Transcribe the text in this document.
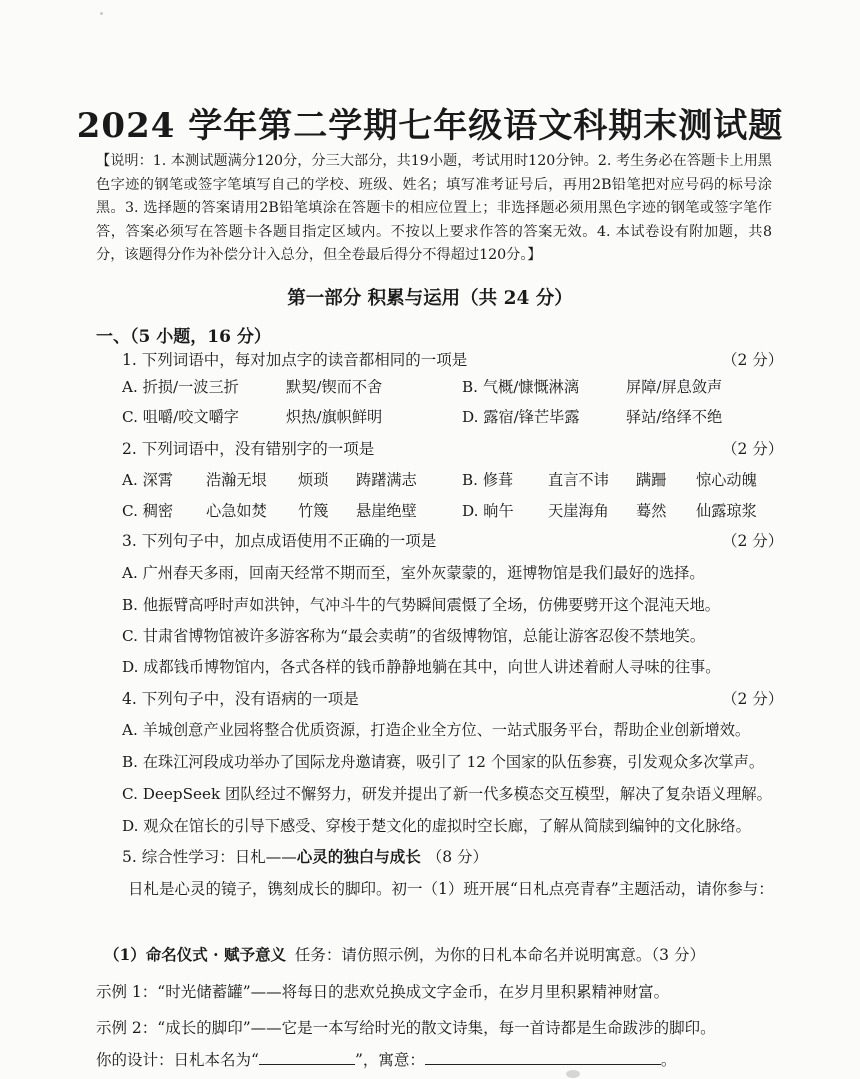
2024 学年第二学期七年级语文科期末测试题
【说明：1. 本测试题满分120分，分三大部分，共19小题，考试用时120分钟。2. 考生务必在答题卡上用黑色字迹的钢笔或签字笔填写自己的学校、班级、姓名；填写准考证号后，再用2B铅笔把对应号码的标号涂黑。3. 选择题的答案请用2B铅笔填涂在答题卡的相应位置上；非选择题必须用黑色字迹的钢笔或签字笔作答，答案必须写在答题卡各题目指定区域内。不按以上要求作答的答案无效。4. 本试卷设有附加题，共8分，该题得分作为补偿分计入总分，但全卷最后得分不得超过120分。】
第一部分 积累与运用（共 24 分）
一、（5 小题，16 分）
1. 下列词语中，每对加点字的读音都相同的一项是	（2 分）
A. 折损/一波三折	默契/锲而不舍	B. 气概/慷慨淋漓	屏障/屏息敛声
C. 咀嚼/咬文嚼字	炽热/旗帜鲜明	D. 露宿/锋芒毕露	驿站/络绎不绝
2. 下列词语中，没有错别字的一项是	（2 分）
A. 深霄 浩瀚无垠 烦琐 踌躇满志	B. 修葺 直言不讳 蹒跚 惊心动魄
C. 稠密 心急如焚 竹篾 悬崖绝壁	D. 晌午 天崖海角 蓦然 仙露琼浆
3. 下列句子中，加点成语使用不正确的一项是	（2 分）
A. 广州春天多雨，回南天经常不期而至，室外灰蒙蒙的，逛博物馆是我们最好的选择。
B. 他振臂高呼时声如洪钟，气冲斗牛的气势瞬间震慑了全场，仿佛要劈开这个混沌天地。
C. 甘肃省博物馆被许多游客称为“最会卖萌”的省级博物馆，总能让游客忍俊不禁地笑。
D. 成都钱币博物馆内，各式各样的钱币静静地躺在其中，向世人讲述着耐人寻味的往事。
4. 下列句子中，没有语病的一项是	（2 分）
A. 羊城创意产业园将整合优质资源，打造企业全方位、一站式服务平台，帮助企业创新增效。
B. 在珠江河段成功举办了国际龙舟邀请赛，吸引了 12 个国家的队伍参赛，引发观众多次掌声。
C. DeepSeek 团队经过不懈努力，研发并提出了新一代多模态交互模型，解决了复杂语义理解。
D. 观众在馆长的引导下感受、穿梭于楚文化的虚拟时空长廊，了解从简牍到编钟的文化脉络。
5. 综合性学习：日札——心灵的独白与成长 （8 分）
日札是心灵的镜子，镌刻成长的脚印。初一（1）班开展“日札点亮青春”主题活动，请你参与：
（1）命名仪式 · 赋予意义 任务：请仿照示例，为你的日札本命名并说明寓意。（3 分）
示例 1：“时光储蓄罐”——将每日的悲欢兑换成文字金币，在岁月里积累精神财富。
示例 2：“成长的脚印”——它是一本写给时光的散文诗集，每一首诗都是生命跋涉的脚印。
你的设计：日札本名为“	”，寓意：	。
